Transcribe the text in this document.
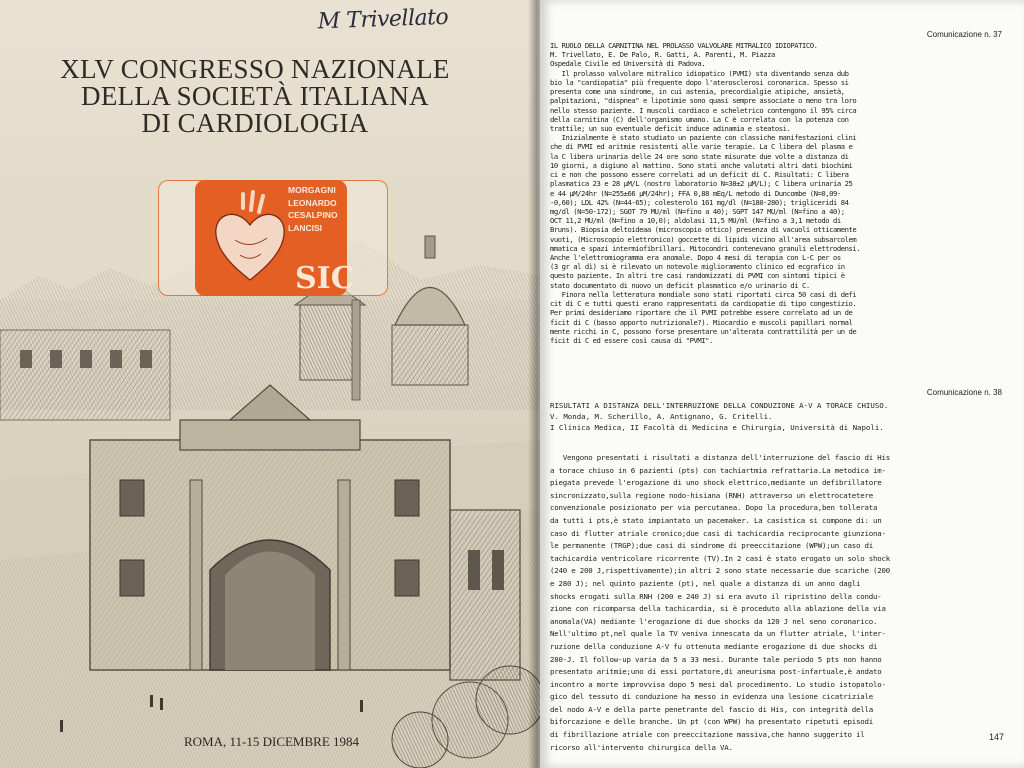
M Trivellato
XLV CONGRESSO NAZIONALE
DELLA SOCIETÀ ITALIANA
DI CARDIOLOGIA
SIC
MORGAGNI
LEONARDO
CESALPINO
LANCISI
ROMA, 11-15 DICEMBRE 1984
Comunicazione n. 37
IL RUOLO DELLA CARNITINA NEL PROLASSO VALVOLARE MITRALICO IDIOPATICO.
M. Trivellato, E. De Palo, R. Gatti, A. Parenti, M. Piazza
Ospedale Civile ed Università di Padova.
Il prolasso valvolare mitralico idiopatico (PVMI) sta diventando senza dub
bio la "cardiopatia" più frequente dopo l'aterosclerosi coronarica. Spesso si
presenta come una sindrome, in cui astenia, precordialgie atipiche, ansietà,
palpitazioni, "dispnea" e lipotimie sono quasi sempre associate o meno tra loro
nello stesso paziente. I muscoli cardiaco e scheletrico contengono il 95% circa
della carnitina (C) dell'organismo umano. La C è correlata con la potenza con
trattile; un suo eventuale deficit induce adinamia e steatosi.
Inizialmente è stato studiato un paziente con classiche manifestazioni clini
che di PVMI ed aritmie resistenti alle varie terapie. La C libera del plasma e
la C libera urinaria delle 24 ore sono state misurate due volte a distanza di
10 giorni, a digiuno al mattino. Sono stati anche valutati altri dati biochimi
ci e non che possono essere correlati ad un deficit di C. Risultati: C libera
plasmatica 23 e 28 µM/L (nostro laboratorio N=38±2 µM/L); C libera urinaria 25
e 44 µM/24hr (N=255±66 µM/24hr); FFA 0,88 mEq/L metodo di Duncombe (N=0,09-
-0,60); LDL 42% (N=44-65); colesterolo 161 mg/dl (N=180-280); trigliceridi 84
mg/dl (N=50-172); SGOT 79 MU/ml (N=fino a 40); SGPT 147 MU/ml (N=fino a 40);
OCT 11,2 MU/ml (N=fino a 10,0); aldolasi 11,5 MU/ml (N=fino a 3,1 metodo di
Bruns). Biopsia deltoideaa (microscopio ottico) presenza di vacuoli otticamente
vuoti, (Microscopio elettronico) goccette di lipidi vicino all'area subsarcolem
mmatica e spazi intermiofibrillari. Mitocondri contenevano granuli elettrodensi.
Anche l'elettromiogramma era anomale. Dopo 4 mesi di terapia con L-C per os
(3 gr al dì) si è rilevato un notevole miglioramento clinico ed ecgrafico in
questo paziente. In altri tre casi randomizzati di PVMI con sintomi tipici è
stato documentato di nuovo un deficit plasmatico e/o urinario di C.
Finora nella letteratura mondiale sono stati riportati circa 50 casi di defi
cit di C e tutti questi erano rappresentati da cardiopatie di tipo congestizio.
Per primi desideriamo riportare che il PVMI potrebbe essere correlato ad un de
ficit di C (basso apporto nutrizionale?). Miocardio e muscoli papillari normal
mente ricchi in C, possono forse presentare un'alterata contrattilità per un de
ficit di C ed essere così causa di "PVMI".
Comunicazione n. 38
RISULTATI A DISTANZA DELL'INTERRUZIONE DELLA CONDUZIONE A-V A TORACE CHIUSO.
V. Monda, M. Scherillo, A. Antignano, G. Critelli.
I Clinica Medica, II Facoltà di Medicina e Chirurgia, Università di Napoli.
Vengono presentati i risultati a distanza dell'interruzione del fascio di His
a torace chiuso in 6 pazienti (pts) con tachiartmia refrattaria.La metodica im-
piegata prevede l'erogazione di uno shock elettrico,mediante un defibrillatore
sincronizzato,sulla regione nodo-hisiana (RNH) attraverso un elettrocatetere
convenzionale posizionato per via percutanea. Dopo la procedura,ben tollerata
da tutti i pts,è stato impiantato un pacemaker. La casistica si compone di: un
caso di flutter atriale cronico;due casi di tachicardia reciprocante giunziona-
le permanente (TRGP);due casi di sindrome di preeccitazione (WPW);un caso di
tachicardia ventricolare ricorrente (TV).In 2 casi è stato erogato un solo shock
(240 e 200 J,rispettivamente);in altri 2 sono state necessarie due scariche (200
e 280 J); nel quinto paziente (pt), nel quale a distanza di un anno dagli
shocks erogati sulla RNH (200 e 240 J) si era avuto il ripristino della condu-
zione con ricomparsa della tachicardia, si è proceduto alla ablazione della via
anomala(VA) mediante l'erogazione di due shocks da 120 J nel seno coronarico.
Nell'ultimo pt,nel quale la TV veniva innescata da un flutter atriale, l'inter-
ruzione della conduzione A-V fu ottenuta mediante erogazione di due shocks di
280-J. Il follow-up varia da 5 a 33 mesi. Durante tale periodo 5 pts non hanno
presentato aritmie;uno di essi portatore,di aneurisma post-infartuale,è andato
incontro a morte improvvisa dopo 5 mesi dal procedimento. Lo studio istopatolo-
gico del tessuto di conduzione ha messo in evidenza una lesione cicatriziale
del nodo A-V e della parte penetrante del fascio di His, con integrità della
biforcazione e delle branche. Un pt (con WPW) ha presentato ripetuti episodi
di fibrillazione atriale con preeccitazione massiva,che hanno suggerito il
ricorso all'intervento chirurgica della VA.
147
